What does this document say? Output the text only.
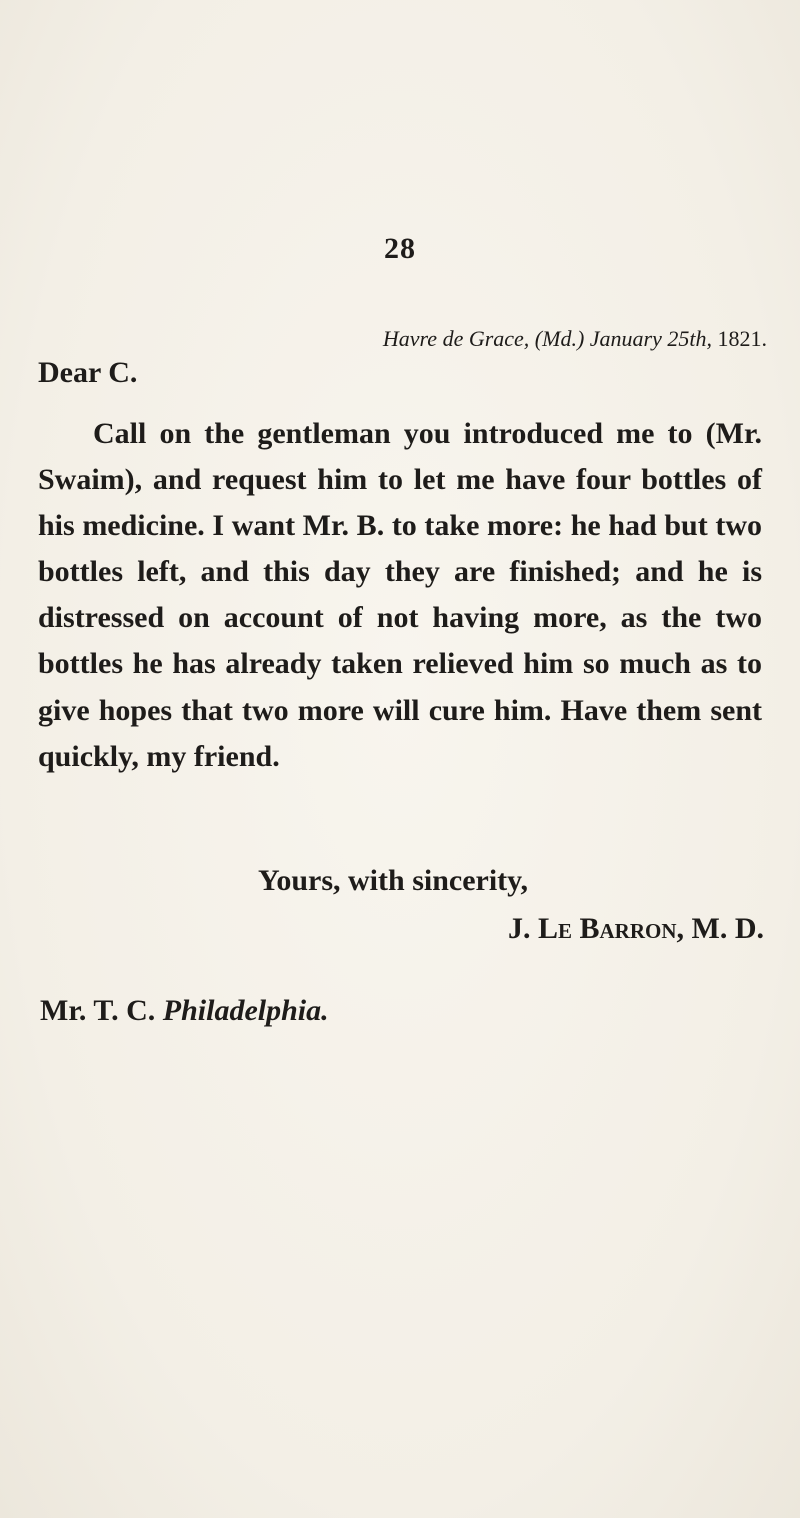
28
Havre de Grace, (Md.) January 25th, 1821.
Dear C.

Call on the gentleman you introduced me to (Mr. Swaim), and request him to let me have four bottles of his medicine. I want Mr. B. to take more: he had but two bottles left, and this day they are finished; and he is distressed on account of not having more, as the two bottles he has already taken relieved him so much as to give hopes that two more will cure him. Have them sent quickly, my friend.

Yours, with sincerity,
J. Le Barron, M. D.
Mr. T. C. Philadelphia.
